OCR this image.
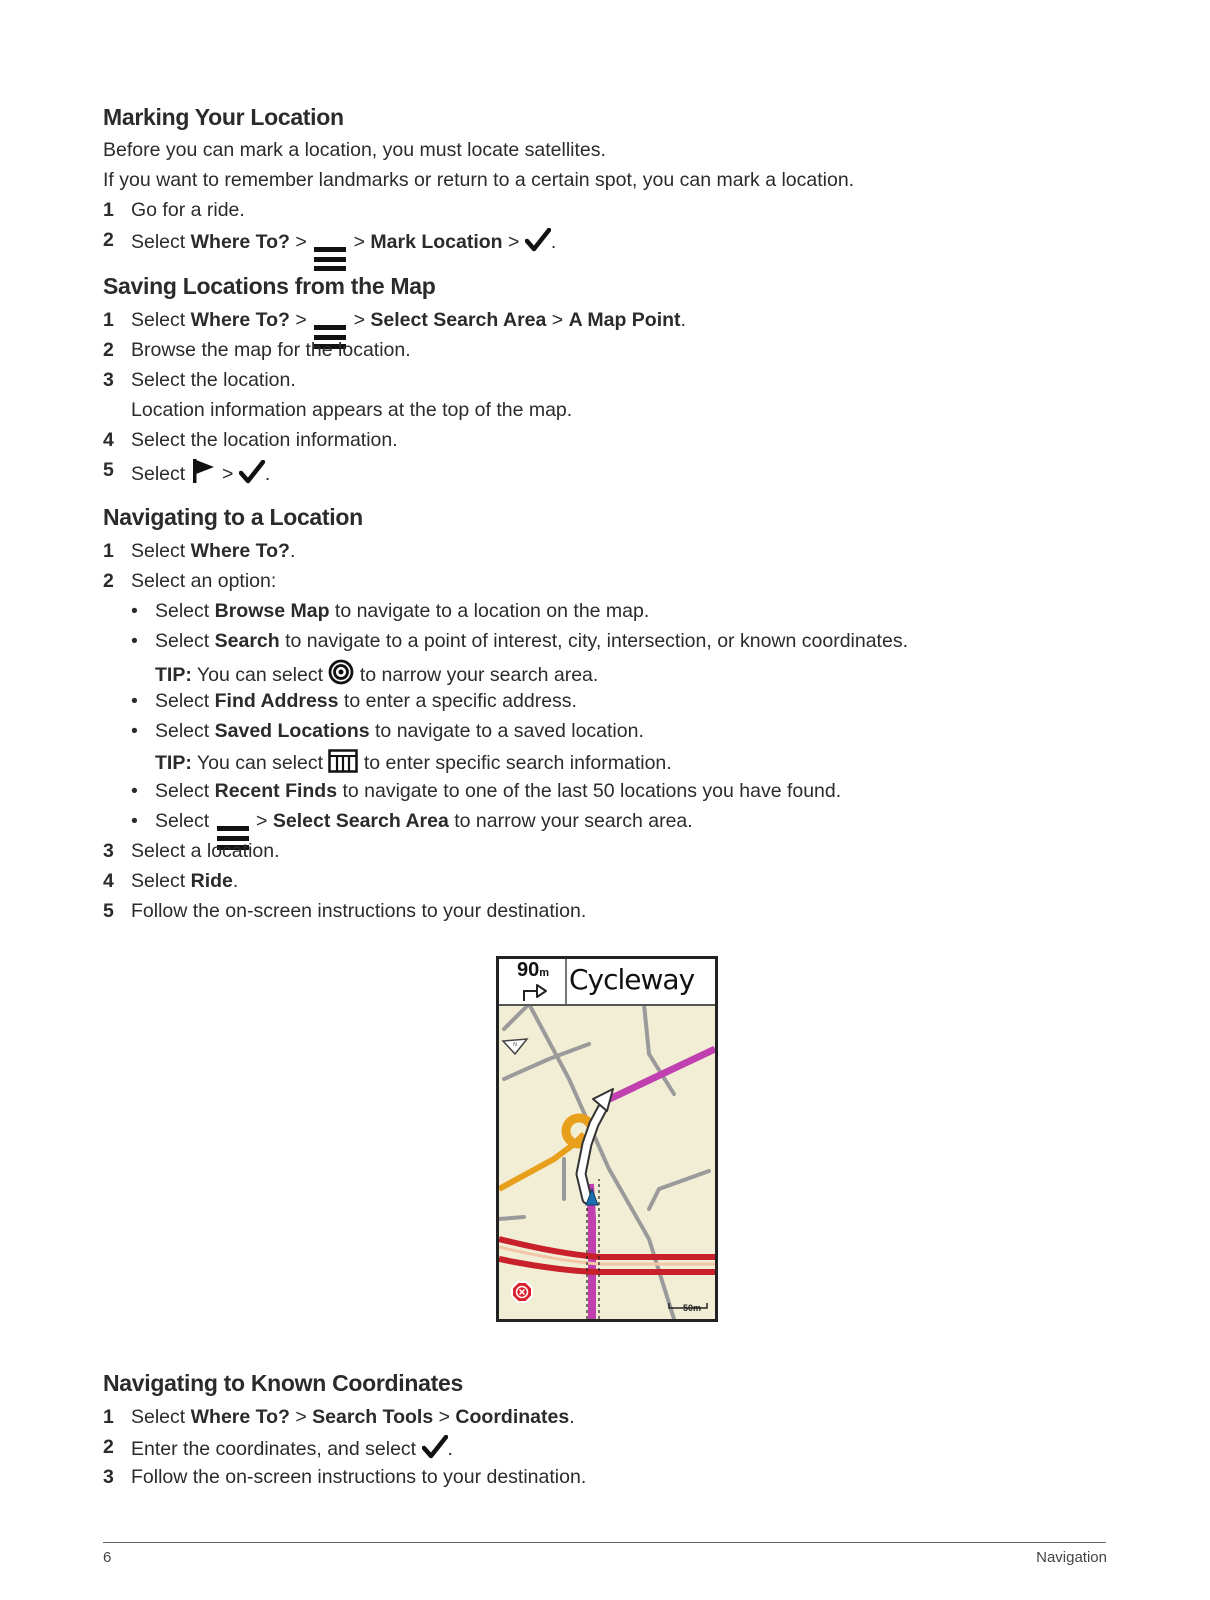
Marking Your Location
Before you can mark a location, you must locate satellites.
If you want to remember landmarks or return to a certain spot, you can mark a location.
1 Go for a ride.
2 Select Where To? >
> Mark Location > .
Saving Locations from the Map
1 Select Where To? >
> Select Search Area > A Map Point.
2 Browse the map for the location.
3 Select the location.
Location information appears at the top of the map.
4 Select the location information.
5 Select  > .
Navigating to a Location
1 Select Where To?.
2 Select an option:
• Select Browse Map to navigate to a location on the map.
• Select Search to navigate to a point of interest, city, intersection, or known coordinates.
TIP: You can select  to narrow your search area.
• Select Find Address to enter a specific address.
• Select Saved Locations to navigate to a saved location.
TIP: You can select  to enter specific search information.
• Select Recent Finds to navigate to one of the last 50 locations you have found.
• Select
> Select Search Area to narrow your search area.
3 Select a location.
4 Select Ride.
5 Follow the on-screen instructions to your destination.
N
90m Cycleway
50m
Navigating to Known Coordinates
1 Select Where To? > Search Tools > Coordinates.
2 Enter the coordinates, and select .
3 Follow the on-screen instructions to your destination.
6	Navigation
